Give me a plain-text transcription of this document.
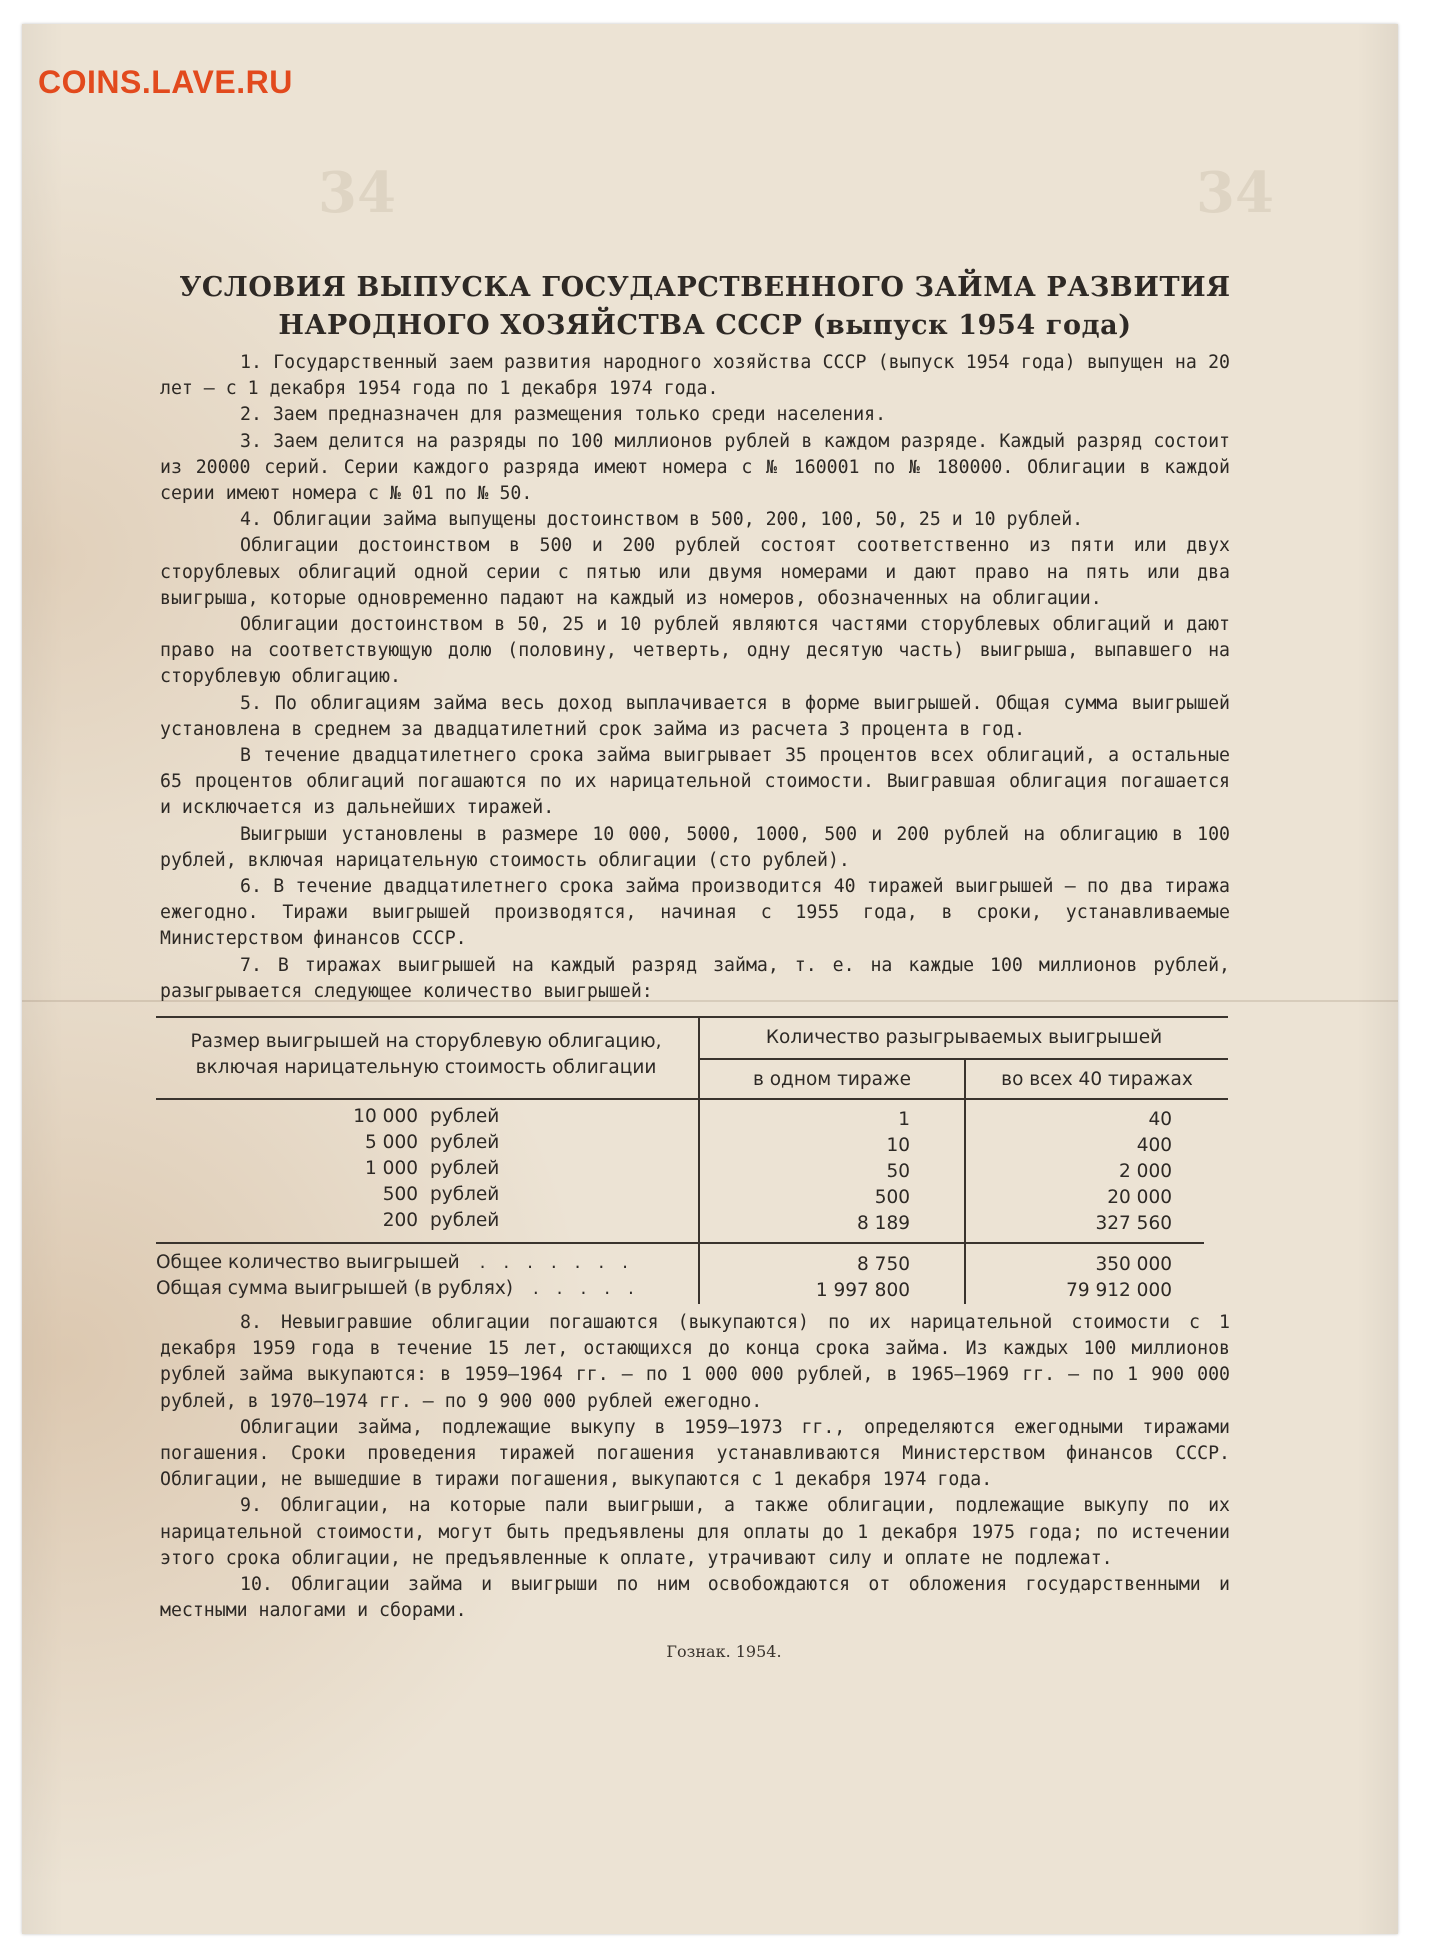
34	34
COINS.LAVE.RU
УСЛОВИЯ ВЫПУСКА ГОСУДАРСТВЕННОГО ЗАЙМА РАЗВИТИЯ
НАРОДНОГО ХОЗЯЙСТВА СССР (выпуск 1954 года)

1. Государственный заем развития народного хозяйства СССР (выпуск 1954 года) выпущен на 20 лет — с 1 декабря 1954 года по 1 декабря 1974 года.

2. Заем предназначен для размещения только среди населения.

3. Заем делится на разряды по 100 миллионов рублей в каждом разряде. Каждый разряд состоит из 20000 серий. Серии каждого разряда имеют номера с № 160001 по № 180000. Облигации в каждой серии имеют номера с № 01 по № 50.

4. Облигации займа выпущены достоинством в 500, 200, 100, 50, 25 и 10 рублей.

Облигации достоинством в 500 и 200 рублей состоят соответственно из пяти или двух сторублевых облигаций одной серии с пятью или двумя номерами и дают право на пять или два выигрыша, которые одновременно падают на каждый из номеров, обозначенных на облигации.

Облигации достоинством в 50, 25 и 10 рублей являются частями сторублевых облигаций и дают право на соответствующую долю (половину, четверть, одну десятую часть) выигрыша, выпавшего на сторублевую облигацию.

5. По облигациям займа весь доход выплачивается в форме выигрышей. Общая сумма выигрышей установлена в среднем за двадцатилетний срок займа из расчета 3 процента в год.

В течение двадцатилетнего срока займа выигрывает 35 процентов всех облигаций, а остальные 65 процентов облигаций погашаются по их нарицательной стоимости. Выигравшая облигация погашается и исключается из дальнейших тиражей.

Выигрыши установлены в размере 10 000, 5000, 1000, 500 и 200 рублей на облигацию в 100 рублей, включая нарицательную стоимость облигации (сто рублей).

6. В течение двадцатилетнего срока займа производится 40 тиражей выигрышей — по два тиража ежегодно. Тиражи выигрышей производятся, начиная с 1955 года, в сроки, устанавливаемые Министерством финансов СССР.

7. В тиражах выигрышей на каждый разряд займа, т. е. на каждые 100 миллионов рублей, разыгрывается следующее количество выигрышей:

Размер выигрышей на сторублевую облигацию,
включая нарицательную стоимость облигации
Количество разыгрываемых выигрышей
в одном тираже	во всех 40 тиражах
10 000 рублей	1	40
5 000 рублей	10	400
1 000 рублей	50	2 000
500 рублей	500	20 000
200 рублей	8 189	327 560
Общее количество выигрышей . . . . . . .	8 750	350 000
Общая сумма выигрышей (в рублях) . . . . .	1 997 800	79 912 000

8. Невыигравшие облигации погашаются (выкупаются) по их нарицательной стоимости с 1 декабря 1959 года в течение 15 лет, остающихся до конца срока займа. Из каждых 100 миллионов рублей займа выкупаются: в 1959—1964 гг. — по 1 000 000 рублей, в 1965—1969 гг. — по 1 900 000 рублей, в 1970—1974 гг. — по 9 900 000 рублей ежегодно.

Облигации займа, подлежащие выкупу в 1959—1973 гг., определяются ежегодными тиражами погашения. Сроки проведения тиражей погашения устанавливаются Министерством финансов СССР. Облигации, не вышедшие в тиражи погашения, выкупаются с 1 декабря 1974 года.

9. Облигации, на которые пали выигрыши, а также облигации, подлежащие выкупу по их нарицательной стоимости, могут быть предъявлены для оплаты до 1 декабря 1975 года; по истечении этого срока облигации, не предъявленные к оплате, утрачивают силу и оплате не подлежат.

10. Облигации займа и выигрыши по ним освобождаются от обложения государственными и местными налогами и сборами.

Гознак. 1954.
